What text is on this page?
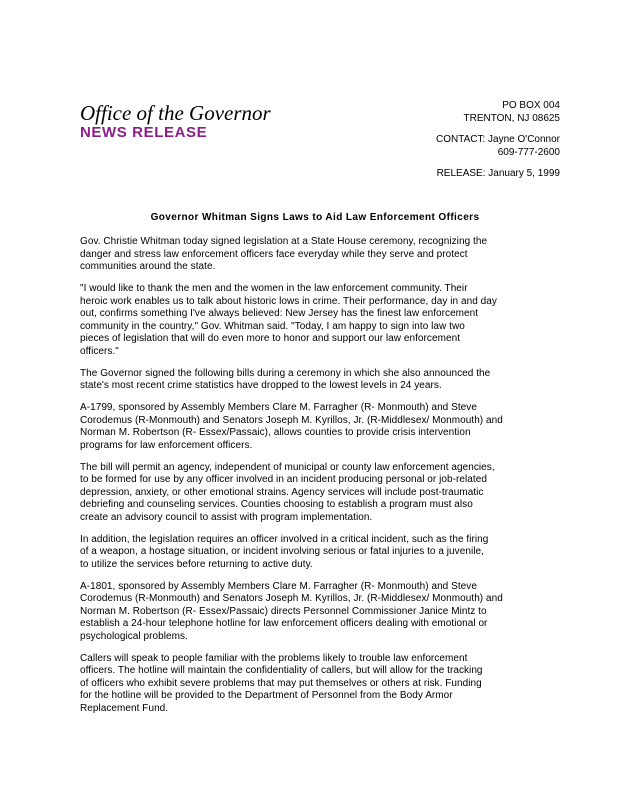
Office of the Governor
NEWS RELEASE
PO BOX 004
TRENTON, NJ 08625
CONTACT: Jayne O'Connor
609-777-2600
RELEASE: January 5, 1999
Governor Whitman Signs Laws to Aid Law Enforcement Officers

Gov. Christie Whitman today signed legislation at a State House ceremony, recognizing the
danger and stress law enforcement officers face everyday while they serve and protect
communities around the state.

"I would like to thank the men and the women in the law enforcement community. Their
heroic work enables us to talk about historic lows in crime. Their performance, day in and day
out, confirms something I've always believed: New Jersey has the finest law enforcement
community in the country," Gov. Whitman said. "Today, I am happy to sign into law two
pieces of legislation that will do even more to honor and support our law enforcement
officers."

The Governor signed the following bills during a ceremony in which she also announced the
state's most recent crime statistics have dropped to the lowest levels in 24 years.

A-1799, sponsored by Assembly Members Clare M. Farragher (R- Monmouth) and Steve
Corodemus (R-Monmouth) and Senators Joseph M. Kyrillos, Jr. (R-Middlesex/ Monmouth) and
Norman M. Robertson (R- Essex/Passaic), allows counties to provide crisis intervention
programs for law enforcement officers.

The bill will permit an agency, independent of municipal or county law enforcement agencies,
to be formed for use by any officer involved in an incident producing personal or job-related
depression, anxiety, or other emotional strains. Agency services will include post-traumatic
debriefing and counseling services. Counties choosing to establish a program must also
create an advisory council to assist with program implementation.

In addition, the legislation requires an officer involved in a critical incident, such as the firing
of a weapon, a hostage situation, or incident involving serious or fatal injuries to a juvenile,
to utilize the services before returning to active duty.

A-1801, sponsored by Assembly Members Clare M. Farragher (R- Monmouth) and Steve
Corodemus (R-Monmouth) and Senators Joseph M. Kyrillos, Jr. (R-Middlesex/ Monmouth) and
Norman M. Robertson (R- Essex/Passaic) directs Personnel Commissioner Janice Mintz to
establish a 24-hour telephone hotline for law enforcement officers dealing with emotional or
psychological problems.

Callers will speak to people familiar with the problems likely to trouble law enforcement
officers. The hotline will maintain the confidentiality of callers, but will allow for the tracking
of officers who exhibit severe problems that may put themselves or others at risk. Funding
for the hotline will be provided to the Department of Personnel from the Body Armor
Replacement Fund.
